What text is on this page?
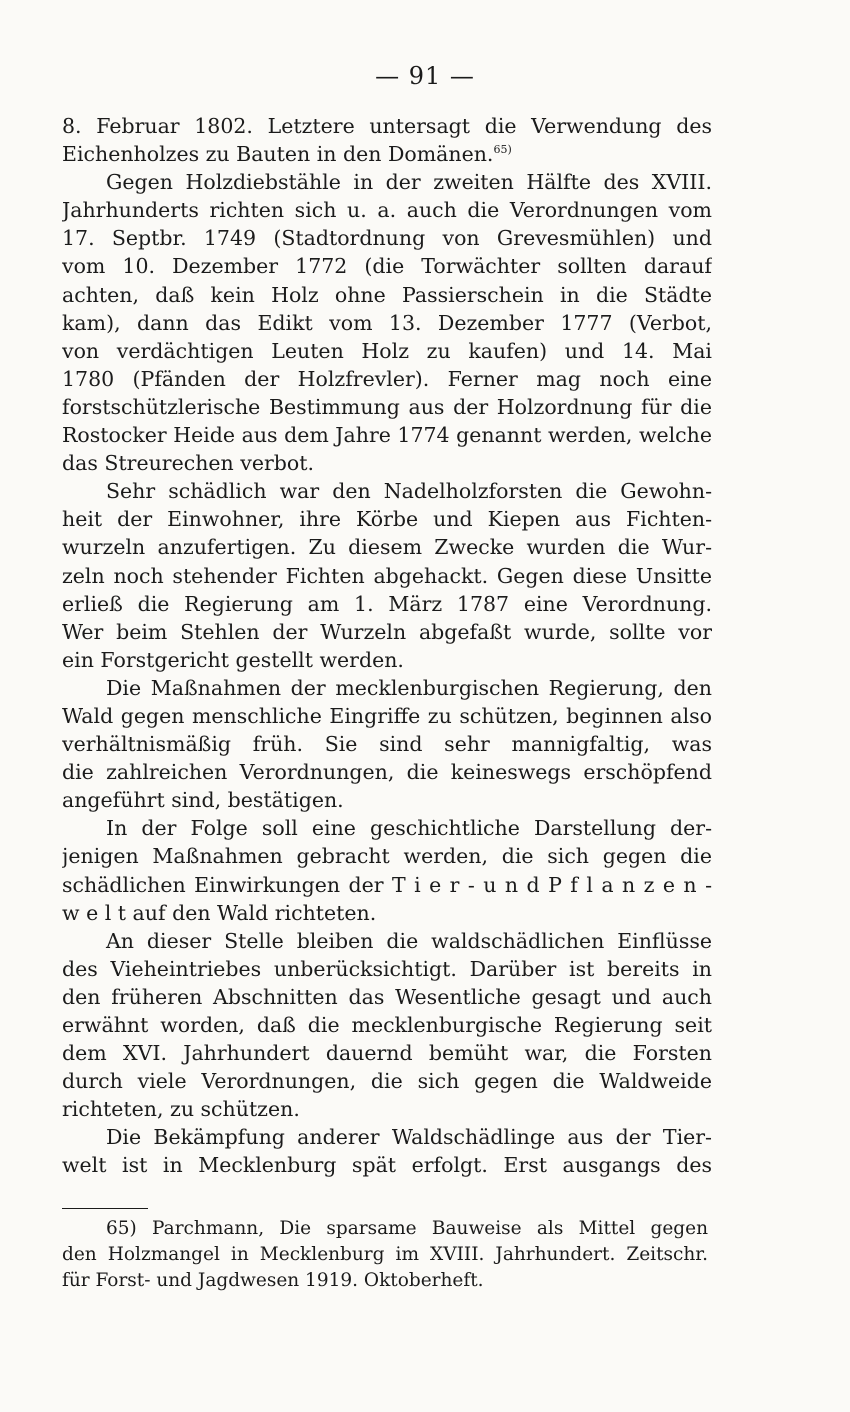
— 91 —
8. Februar 1802. Letztere untersagt die Verwendung des
Eichenholzes zu Bauten in den Domänen.$^{65)}$
Gegen Holzdiebstähle in der zweiten Hälfte des XVIII.
Jahrhunderts richten sich u. a. auch die Verordnungen vom
17. Septbr. 1749 (Stadtordnung von Grevesmühlen) und
vom 10. Dezember 1772 (die Torwächter sollten darauf
achten, daß kein Holz ohne Passierschein in die Städte
kam), dann das Edikt vom 13. Dezember 1777 (Verbot,
von verdächtigen Leuten Holz zu kaufen) und 14. Mai
1780 (Pfänden der Holzfrevler). Ferner mag noch eine
forstschützlerische Bestimmung aus der Holzordnung für die
Rostocker Heide aus dem Jahre 1774 genannt werden, welche
das Streurechen verbot.
Sehr schädlich war den Nadelholzforsten die Gewohn-
heit der Einwohner, ihre Körbe und Kiepen aus Fichten-
wurzeln anzufertigen. Zu diesem Zwecke wurden die Wur-
zeln noch stehender Fichten abgehackt. Gegen diese Unsitte
erließ die Regierung am 1. März 1787 eine Verordnung.
Wer beim Stehlen der Wurzeln abgefaßt wurde, sollte vor
ein Forstgericht gestellt werden.
Die Maßnahmen der mecklenburgischen Regierung, den
Wald gegen menschliche Eingriffe zu schützen, beginnen also
verhältnismäßig früh. Sie sind sehr mannigfaltig, was
die zahlreichen Verordnungen, die keineswegs erschöpfend
angeführt sind, bestätigen.
In der Folge soll eine geschichtliche Darstellung der-
jenigen Maßnahmen gebracht werden, die sich gegen die
schädlichen Einwirkungen der T i e r - u n d P f l a n z e n -
w e l t auf den Wald richteten.
An dieser Stelle bleiben die waldschädlichen Einflüsse
des Vieheintriebes unberücksichtigt. Darüber ist bereits in
den früheren Abschnitten das Wesentliche gesagt und auch
erwähnt worden, daß die mecklenburgische Regierung seit
dem XVI. Jahrhundert dauernd bemüht war, die Forsten
durch viele Verordnungen, die sich gegen die Waldweide
richteten, zu schützen.
Die Bekämpfung anderer Waldschädlinge aus der Tier-
welt ist in Mecklenburg spät erfolgt. Erst ausgangs des
65) Parchmann, Die sparsame Bauweise als Mittel gegen
den Holzmangel in Mecklenburg im XVIII. Jahrhundert. Zeitschr.
für Forst- und Jagdwesen 1919. Oktoberheft.
